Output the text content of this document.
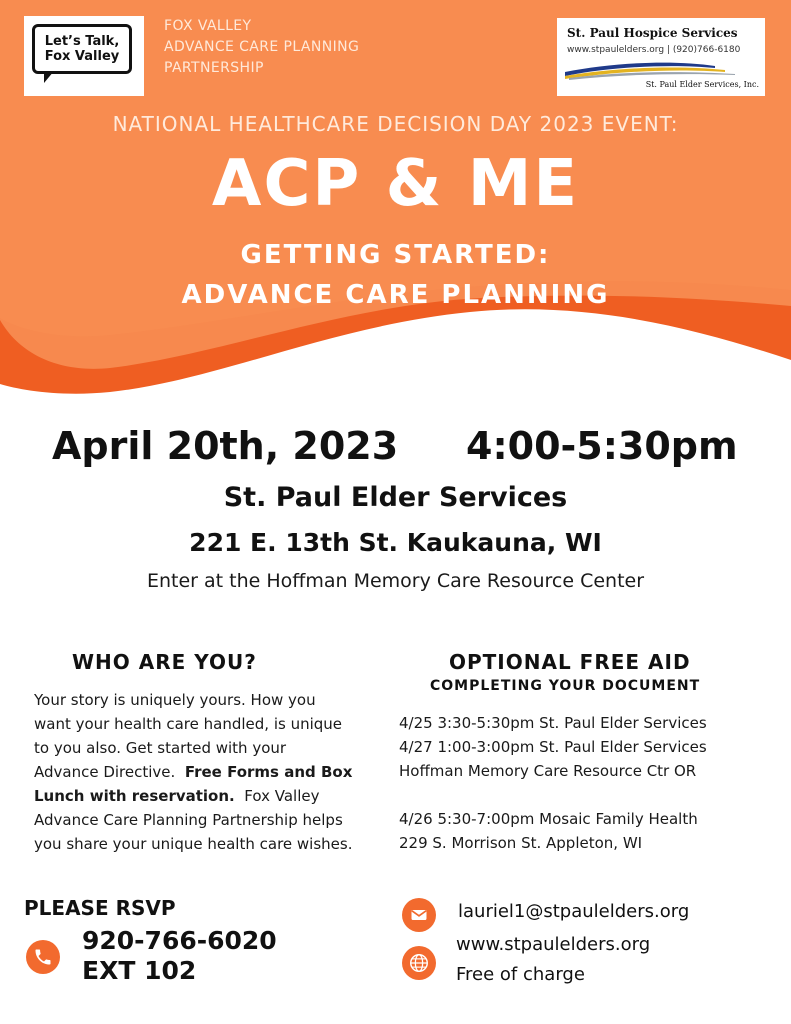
Let’s Talk,
Fox Valley
FOX VALLEY
ADVANCE CARE PLANNING
PARTNERSHIP
St. Paul Hospice Services
www.stpaulelders.org | (920)766-6180
St. Paul Elder Services, Inc.
NATIONAL HEALTHCARE DECISION DAY 2023 EVENT:
ACP & ME
GETTING STARTED:
ADVANCE CARE PLANNING
April 20th, 2023 4:00-5:30pm
St. Paul Elder Services
221 E. 13th St. Kaukauna, WI
Enter at the Hoffman Memory Care Resource Center
WHO ARE YOU?
Your story is uniquely yours. How you
want your health care handled, is unique
to you also. Get started with your
Advance Directive.  Free Forms and Box
Lunch with reservation.  Fox Valley
Advance Care Planning Partnership helps
you share your unique health care wishes.
OPTIONAL FREE AID
COMPLETING YOUR DOCUMENT
4/25 3:30-5:30pm St. Paul Elder Services
4/27 1:00-3:00pm St. Paul Elder Services
Hoffman Memory Care Resource Ctr OR
4/26 5:30-7:00pm Mosaic Family Health
229 S. Morrison St. Appleton, WI
PLEASE RSVP
920-766-6020
EXT 102
lauriel1@stpaulelders.org
www.stpaulelders.org
Free of charge
